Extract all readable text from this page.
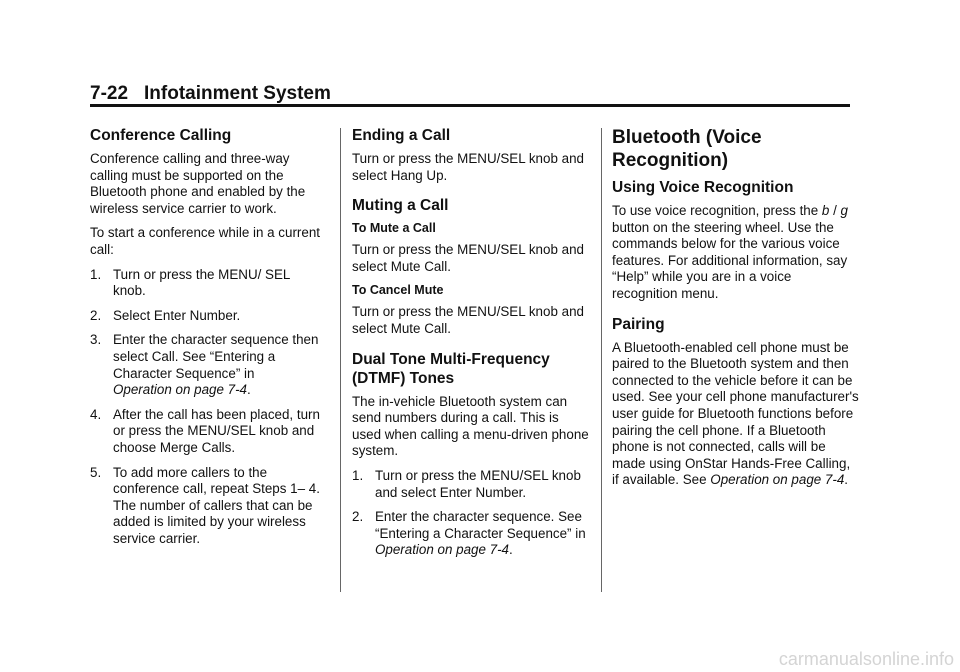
7-22 Infotainment System
Conference Calling

Conference calling and three-way calling must be supported on the Bluetooth phone and enabled by the wireless service carrier to work.

To start a conference while in a current call:

1. Turn or press the MENU/ SEL knob.
2. Select Enter Number.
3. Enter the character sequence then select Call. See “Entering a Character Sequence” in
Operation on page 7-4.
4. After the call has been placed, turn or press the MENU/SEL knob and choose Merge Calls.
5. To add more callers to the conference call, repeat Steps 1– 4. The number of callers that can be added is limited by your wireless service carrier.
Ending a Call

Turn or press the MENU/SEL knob and select Hang Up.

Muting a Call
To Mute a Call

Turn or press the MENU/SEL knob and select Mute Call.

To Cancel Mute

Turn or press the MENU/SEL knob and select Mute Call.

Dual Tone Multi-Frequency (DTMF) Tones

The in-vehicle Bluetooth system can send numbers during a call. This is used when calling a menu-driven phone system.

1. Turn or press the MENU/SEL knob and select Enter Number.
2. Enter the character sequence. See “Entering a Character Sequence” in Operation on page 7-4.
Bluetooth (Voice Recognition)
Using Voice Recognition

To use voice recognition, press the b / g button on the steering wheel. Use the commands below for the various voice features. For additional information, say “Help” while you are in a voice recognition menu.

Pairing

A Bluetooth-enabled cell phone must be paired to the Bluetooth system and then connected to the vehicle before it can be used. See your cell phone manufacturer's user guide for Bluetooth functions before pairing the cell phone. If a Bluetooth phone is not connected, calls will be made using OnStar Hands-Free Calling, if available. See Operation on page 7-4.

carmanualsonline.info
